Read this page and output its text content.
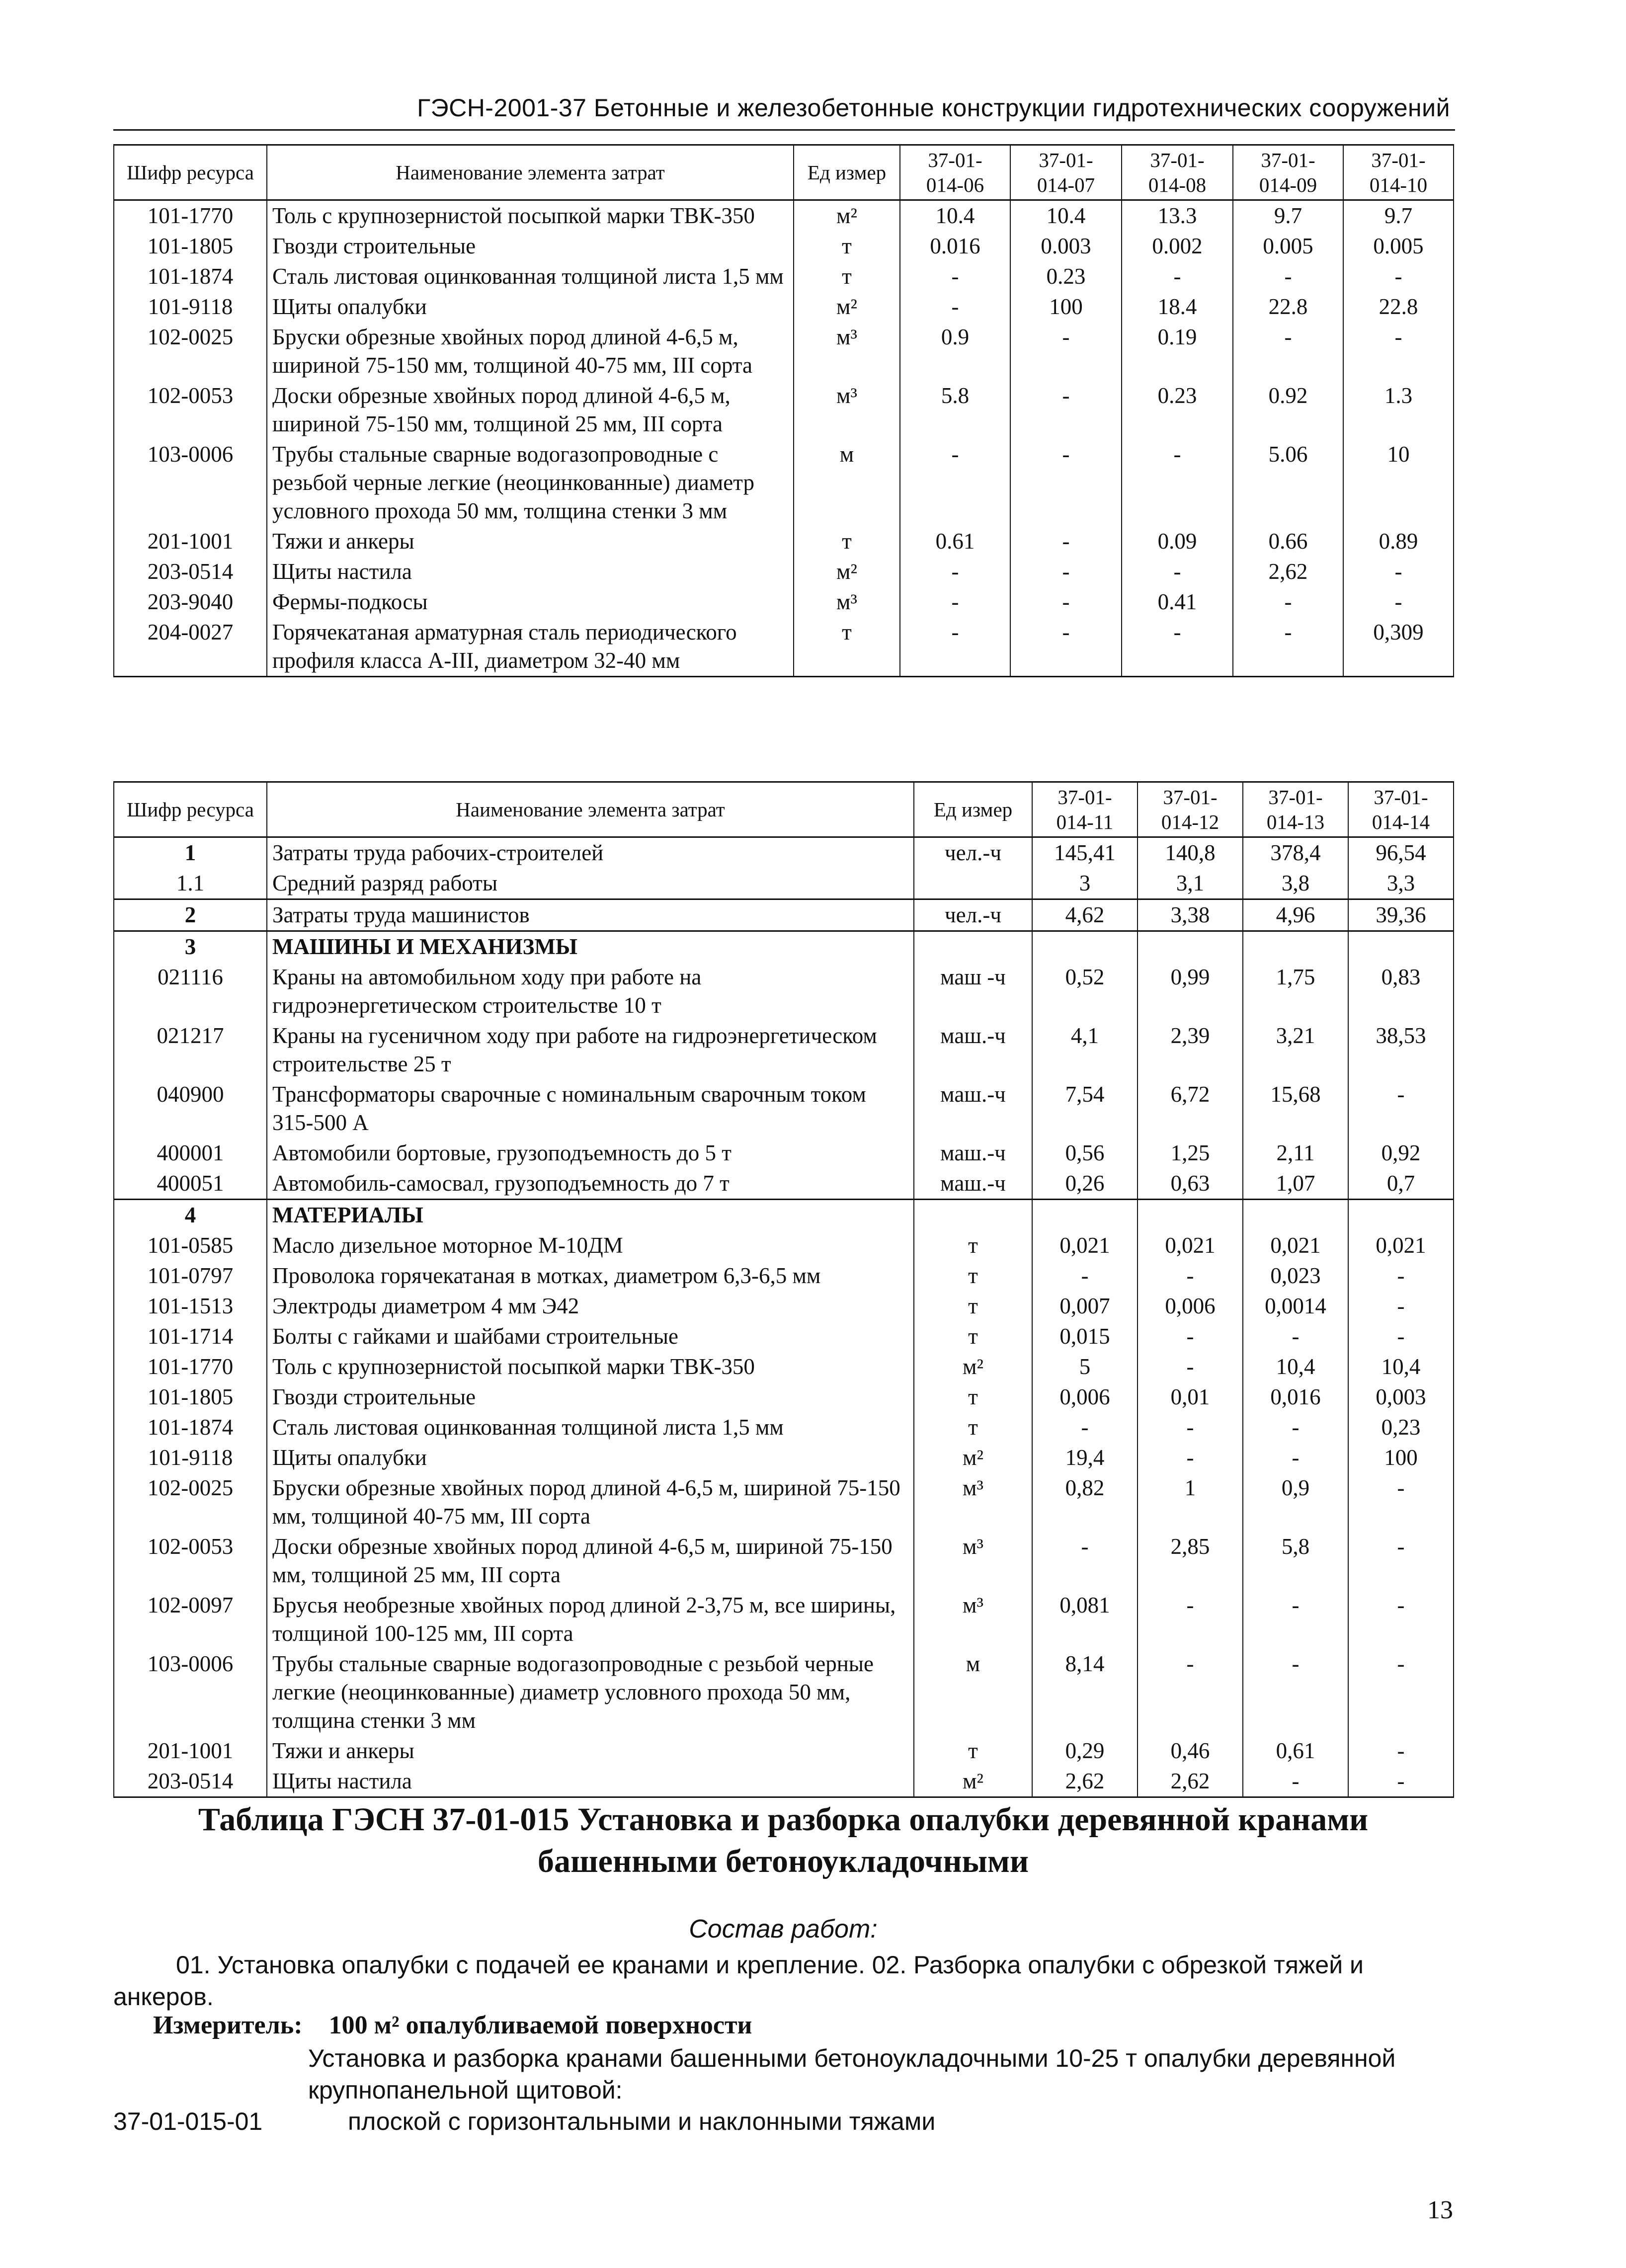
ГЭСН-2001-37 Бетонные и железобетонные конструкции гидротехнических сооружений
Шифр ресурса	Наименование элемента затрат	Ед измер	37-01-
014-06	37-01-
014-07	37-01-
014-08	37-01-
014-09	37-01-
014-10
101-1770	Толь с крупнозернистой посыпкой марки ТВК-350	м²	10.4	10.4	13.3	9.7	9.7
101-1805	Гвозди строительные	т	0.016	0.003	0.002	0.005	0.005
101-1874	Сталь листовая оцинкованная толщиной листа 1,5 мм	т	-	0.23	-	-	-
101-9118	Щиты опалубки	м²	-	100	18.4	22.8	22.8
102-0025	Бруски обрезные хвойных пород длиной 4-6,5 м, шириной 75-150 мм, толщиной 40-75 мм, III сорта	м³	0.9	-	0.19	-	-
102-0053	Доски обрезные хвойных пород длиной 4-6,5 м, шириной 75-150 мм, толщиной 25 мм, III сорта	м³	5.8	-	0.23	0.92	1.3
103-0006	Трубы стальные сварные водогазопроводные с резьбой черные легкие (неоцинкованные) диаметр условного прохода 50 мм, толщина стенки 3 мм	м	-	-	-	5.06	10
201-1001	Тяжи и анкеры	т	0.61	-	0.09	0.66	0.89
203-0514	Щиты настила	м²	-	-	-	2,62	-
203-9040	Фермы-подкосы	м³	-	-	0.41	-	-
204-0027	Горячекатаная арматурная сталь периодического профиля класса А-III, диаметром 32-40 мм	т	-	-	-	-	0,309
Шифр ресурса	Наименование элемента затрат	Ед измер	37-01-
014-11	37-01-
014-12	37-01-
014-13	37-01-
014-14
1	Затраты труда рабочих-строителей	чел.-ч	145,41	140,8	378,4	96,54
1.1	Средний разряд работы		3	3,1	3,8	3,3
2	Затраты труда машинистов	чел.-ч	4,62	3,38	4,96	39,36
3	МАШИНЫ И МЕХАНИЗМЫ					
021116	Краны на автомобильном ходу при работе на гидроэнергетическом строительстве 10 т	маш -ч	0,52	0,99	1,75	0,83
021217	Краны на гусеничном ходу при работе на гидроэнергетическом строительстве 25 т	маш.-ч	4,1	2,39	3,21	38,53
040900	Трансформаторы сварочные с номинальным сварочным током 315-500 А	маш.-ч	7,54	6,72	15,68	-
400001	Автомобили бортовые, грузоподъемность до 5 т	маш.-ч	0,56	1,25	2,11	0,92
400051	Автомобиль-самосвал, грузоподъемность до 7 т	маш.-ч	0,26	0,63	1,07	0,7
4	МАТЕРИАЛЫ					
101-0585	Масло дизельное моторное М-10ДМ	т	0,021	0,021	0,021	0,021
101-0797	Проволока горячекатаная в мотках, диаметром 6,3-6,5 мм	т	-	-	0,023	-
101-1513	Электроды диаметром 4 мм Э42	т	0,007	0,006	0,0014	-
101-1714	Болты с гайками и шайбами строительные	т	0,015	-	-	-
101-1770	Толь с крупнозернистой посыпкой марки ТВК-350	м²	5	-	10,4	10,4
101-1805	Гвозди строительные	т	0,006	0,01	0,016	0,003
101-1874	Сталь листовая оцинкованная толщиной листа 1,5 мм	т	-	-	-	0,23
101-9118	Щиты опалубки	м²	19,4	-	-	100
102-0025	Бруски обрезные хвойных пород длиной 4-6,5 м, шириной 75-150 мм, толщиной 40-75 мм, III сорта	м³	0,82	1	0,9	-
102-0053	Доски обрезные хвойных пород длиной 4-6,5 м, шириной 75-150 мм, толщиной 25 мм, III сорта	м³	-	2,85	5,8	-
102-0097	Брусья необрезные хвойных пород длиной 2-3,75 м, все ширины, толщиной 100-125 мм, III сорта	м³	0,081	-	-	-
103-0006	Трубы стальные сварные водогазопроводные с резьбой черные легкие (неоцинкованные) диаметр условного прохода 50 мм, толщина стенки 3 мм	м	8,14	-	-	-
201-1001	Тяжи и анкеры	т	0,29	0,46	0,61	-
203-0514	Щиты настила	м²	2,62	2,62	-	-
Таблица ГЭСН 37-01-015 Установка и разборка опалубки деревянной кранами башенными бетоноукладочными
Состав работ:
01. Установка опалубки с подачей ее кранами и крепление. 02. Разборка опалубки с обрезкой тяжей и анкеров.
Измеритель: 100 м² опалубливаемой поверхности
Установка и разборка кранами башенными бетоноукладочными 10-25 т опалубки деревянной крупнопанельной щитовой:
37-01-015-01	плоской с горизонтальными и наклонными тяжами
13
